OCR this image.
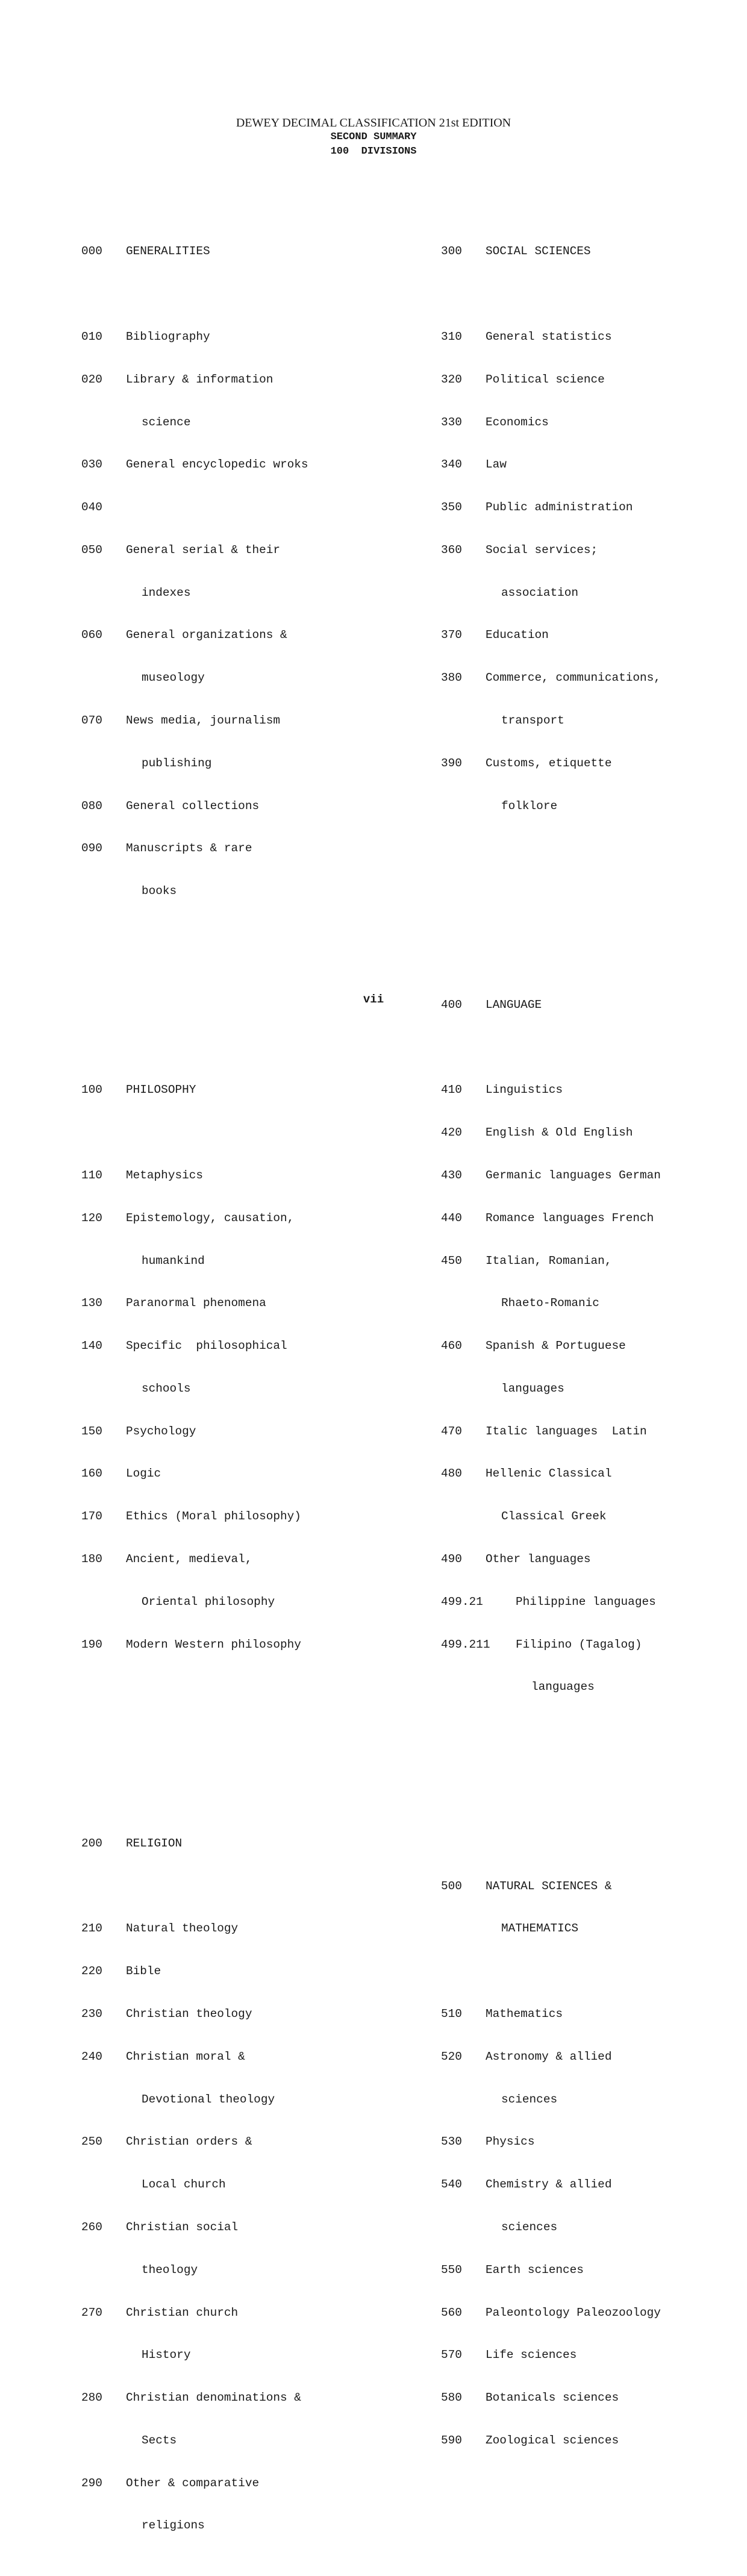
DEWEY DECIMAL CLASSIFICATION 21st EDITION
SECOND SUMMARY
100  DIVISIONS

000	GENERALITIES

010	Bibliography

020	Library & information

science

030	General encyclopedic wroks

040

050	General serial & their

indexes

060	General organizations &

museology

070	News media, journalism

publishing

080	General collections

090	Manuscripts & rare

books

100	PHILOSOPHY

110	Metaphysics

120	Epistemology, causation,

humankind

130	Paranormal phenomena

140	Specific  philosophical

schools

150	Psychology

160	Logic

170	Ethics (Moral philosophy)

180	Ancient, medieval,

Oriental philosophy

190	Modern Western philosophy

200	RELIGION

210	Natural theology

220	Bible

230	Christian theology

240	Christian moral &

Devotional theology

250	Christian orders &

Local church

260	Christian social

theology

270	Christian church

History

280	Christian denominations &

Sects

290	Other & comparative

religions

300	SOCIAL SCIENCES

310	General statistics

320	Political science

330	Economics

340	Law

350	Public administration

360	Social services;

association

370	Education

380	Commerce, communications,

transport

390	Customs, etiquette

folklore

400	LANGUAGE

410	Linguistics

420	English & Old English

430	Germanic languages German

440	Romance languages French

450	Italian, Romanian,

Rhaeto-Romanic

460	Spanish & Portuguese

languages

470	Italic languages  Latin

480	Hellenic Classical

Classical Greek

490	Other languages

499.21	Philippine languages

499.211	Filipino (Tagalog)

languages

500	NATURAL SCIENCES &

MATHEMATICS

510	Mathematics

520	Astronomy & allied

sciences

530	Physics

540	Chemistry & allied

sciences

550	Earth sciences

560	Paleontology Paleozoology

570	Life sciences

580	Botanicals sciences

590	Zoological sciences

vii
